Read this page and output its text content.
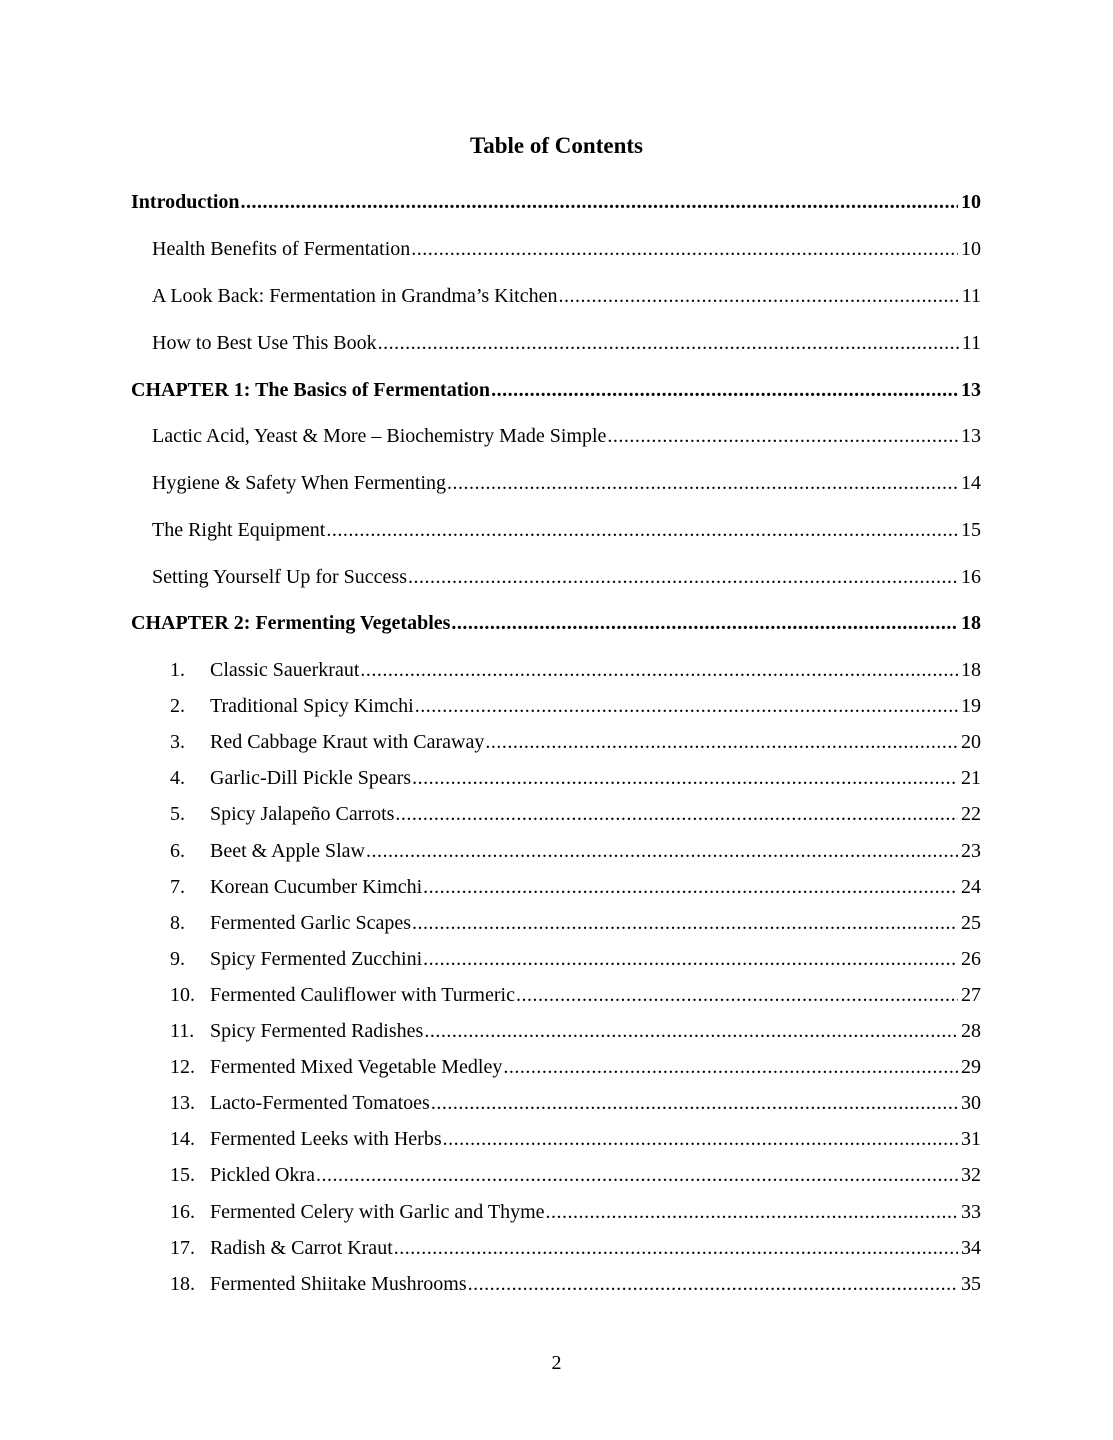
Table of Contents
Introduction .....	10
Health Benefits of Fermentation .....	10
A Look Back: Fermentation in Grandma’s Kitchen .....	11
How to Best Use This Book .....	11
CHAPTER 1: The Basics of Fermentation .....	13
Lactic Acid, Yeast & More – Biochemistry Made Simple .....	13
Hygiene & Safety When Fermenting .....	14
The Right Equipment .....	15
Setting Yourself Up for Success .....	16
CHAPTER 2: Fermenting Vegetables .....	18
1.	Classic Sauerkraut .....	18
2.	Traditional Spicy Kimchi .....	19
3.	Red Cabbage Kraut with Caraway .....	20
4.	Garlic-Dill Pickle Spears .....	21
5.	Spicy Jalapeño Carrots .....	22
6.	Beet & Apple Slaw .....	23
7.	Korean Cucumber Kimchi .....	24
8.	Fermented Garlic Scapes .....	25
9.	Spicy Fermented Zucchini .....	26
10. Fermented Cauliflower with Turmeric .....	27
11. Spicy Fermented Radishes .....	28
12. Fermented Mixed Vegetable Medley .....	29
13. Lacto-Fermented Tomatoes .....	30
14. Fermented Leeks with Herbs .....	31
15. Pickled Okra .....	32
16. Fermented Celery with Garlic and Thyme .....	33
17. Radish & Carrot Kraut .....	34
18. Fermented Shiitake Mushrooms .....	35
2
